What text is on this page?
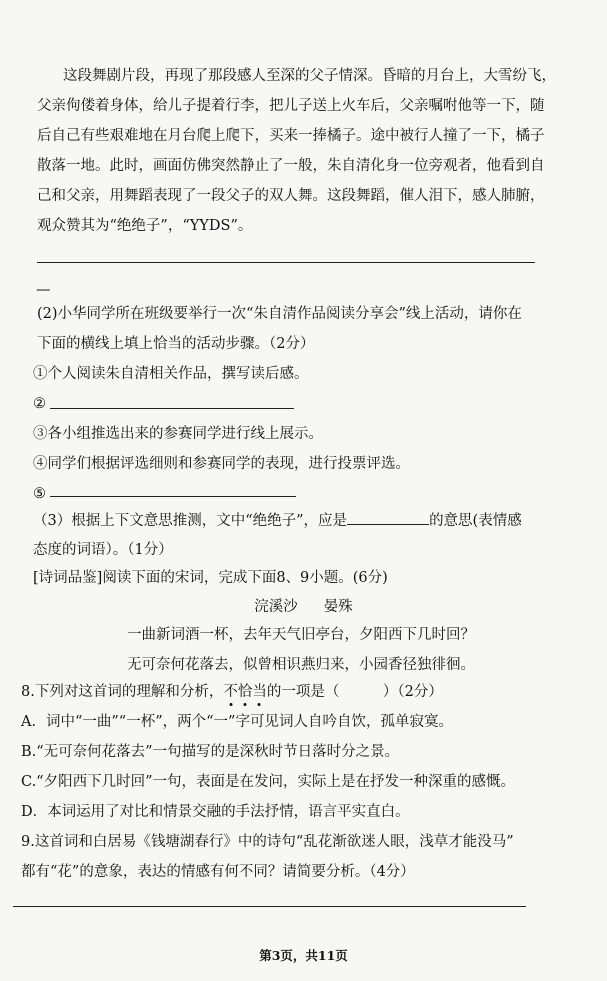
这段舞剧片段，再现了那段感人至深的父子情深。昏暗的月台上，大雪纷飞，
父亲佝偻着身体，给儿子提着行李，把儿子送上火车后，父亲嘱咐他等一下，随
后自己有些艰难地在月台爬上爬下，买来一捧橘子。途中被行人撞了一下，橘子
散落一地。此时，画面仿佛突然静止了一般，朱自清化身一位旁观者，他看到自
己和父亲，用舞蹈表现了一段父子的双人舞。这段舞蹈，催人泪下，感人肺腑，
观众赞其为“绝绝子”，“YYDS”。
—
(2)小华同学所在班级要举行一次“朱自清作品阅读分享会”线上活动，请你在
下面的横线上填上恰当的活动步骤。（2分）
①个人阅读朱自清相关作品，撰写读后感。
②
③各小组推选出来的参赛同学进行线上展示。
④同学们根据评选细则和参赛同学的表现，进行投票评选。
⑤
（3）根据上下文意思推测，文中“绝绝子”，应是	的意思(表情感
态度的词语）。（1分）
[诗词品鉴]阅读下面的宋词，完成下面8、9小题。(6分)
浣溪沙 晏殊
一曲新词酒一杯，去年天气旧亭台，夕阳西下几时回？
无可奈何花落去，似曾相识燕归来，小园香径独徘徊。
8.下列对这首词的理解和分析，不恰当
的一项是（　　　）（2分）
A．词中“一曲”“一杯”，两个“一”字可见词人自吟自饮，孤单寂寞。
B.“无可奈何花落去”一句描写的是深秋时节日落时分之景。
C.“夕阳西下几时回”一句，表面是在发问，实际上是在抒发一种深重的感慨。
D．本词运用了对比和情景交融的手法抒情，语言平实直白。
9.这首词和白居易《钱塘湖春行》中的诗句“乱花渐欲迷人眼，浅草才能没马”
都有“花”的意象，表达的情感有何不同？请简要分析。（4分）
第3页，共11页
